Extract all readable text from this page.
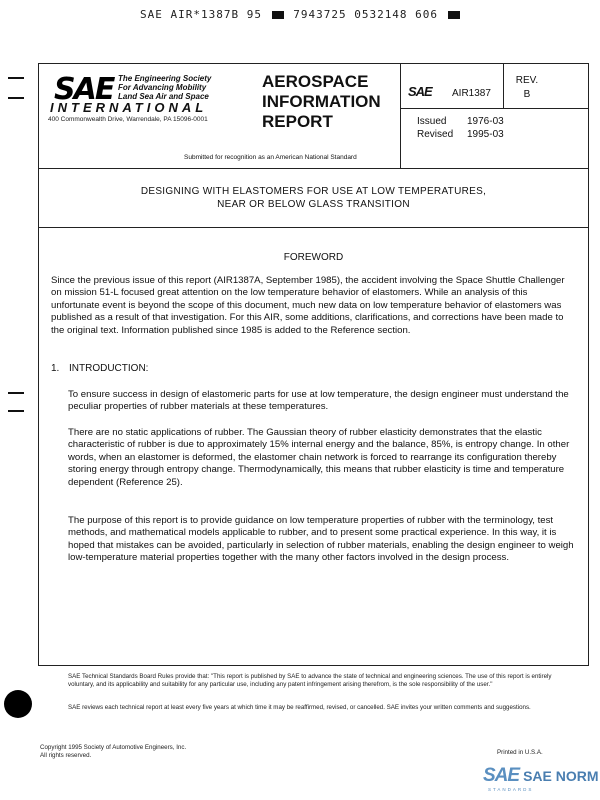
SAE AIR*1387B 95	7943725 0532148 606
SAE The Engineering Society
For Advancing Mobility
Land Sea Air and Space
INTERNATIONAL
400 Commonwealth Drive, Warrendale, PA 15096-0001
AEROSPACE
INFORMATION
REPORT
SAE AIR1387
REV.
B
Issued 1976-03
Revised 1995-03
Submitted for recognition as an American National Standard
DESIGNING WITH ELASTOMERS FOR USE AT LOW TEMPERATURES,
NEAR OR BELOW GLASS TRANSITION
FOREWORD
Since the previous issue of this report (AIR1387A, September 1985), the accident involving the Space Shuttle Challenger on mission 51-L focused great attention on the low temperature behavior of elastomers. While an analysis of this unfortunate event is beyond the scope of this document, much new data on low temperature behavior of elastomers was published as a result of that investigation. For this AIR, some additions, clarifications, and corrections have been made to the original text. Information published since 1985 is added to the Reference section.
1. INTRODUCTION:
To ensure success in design of elastomeric parts for use at low temperature, the design engineer must understand the peculiar properties of rubber materials at these temperatures.
There are no static applications of rubber. The Gaussian theory of rubber elasticity demonstrates that the elastic characteristic of rubber is due to approximately 15% internal energy and the balance, 85%, is entropy change. In other words, when an elastomer is deformed, the elastomer chain network is forced to rearrange its configuration thereby storing energy through entropy change. Thermodynamically, this means that rubber elasticity is time and temperature dependent (Reference 25).
The purpose of this report is to provide guidance on low temperature properties of rubber with the terminology, test methods, and mathematical models applicable to rubber, and to present some practical experience. In this way, it is hoped that mistakes can be avoided, particularly in selection of rubber materials, enabling the design engineer to weigh low-temperature material properties together with the many other factors involved in the design process.
SAE Technical Standards Board Rules provide that: "This report is published by SAE to advance the state of technical and engineering sciences. The use of this report is entirely voluntary, and its applicability and suitability for any particular use, including any patent infringement arising therefrom, is the sole responsibility of the user."
SAE reviews each technical report at least every five years at which time it may be reaffirmed, revised, or cancelled. SAE invites your written comments and suggestions.
Copyright 1995 Society of Automotive Engineers, Inc.
All rights reserved.	Printed in U.S.A.
SAE SAE NORM
STANDARDS
